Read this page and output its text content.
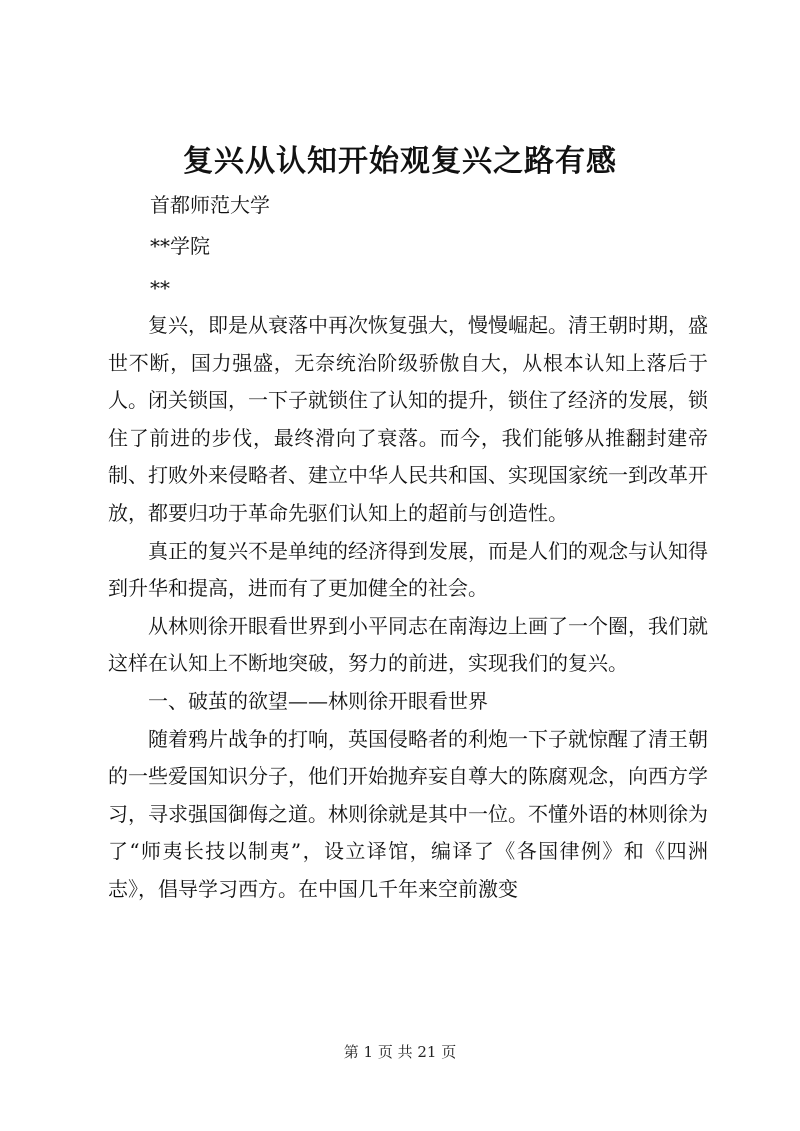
复兴从认知开始观复兴之路有感
首都师范大学
**学院
**

复兴，即是从衰落中再次恢复强大，慢慢崛起。清王朝时期，盛世不断，国力强盛，无奈统治阶级骄傲自大，从根本认知上落后于人。闭关锁国，一下子就锁住了认知的提升，锁住了经济的发展，锁住了前进的步伐，最终滑向了衰落。而今，我们能够从推翻封建帝制、打败外来侵略者、建立中华人民共和国、实现国家统一到改革开放，都要归功于革命先驱们认知上的超前与创造性。

真正的复兴不是单纯的经济得到发展，而是人们的观念与认知得到升华和提高，进而有了更加健全的社会。

从林则徐开眼看世界到小平同志在南海边上画了一个圈，我们就这样在认知上不断地突破，努力的前进，实现我们的复兴。

一、破茧的欲望——林则徐开眼看世界

随着鸦片战争的打响，英国侵略者的利炮一下子就惊醒了清王朝的一些爱国知识分子，他们开始抛弃妄自尊大的陈腐观念，向西方学习，寻求强国御侮之道。林则徐就是其中一位。不懂外语的林则徐为了“师夷长技以制夷”，设立译馆，编译了《各国律例》和《四洲志》，倡导学习西方。在中国几千年来空前激变

第 1 页 共 21 页
